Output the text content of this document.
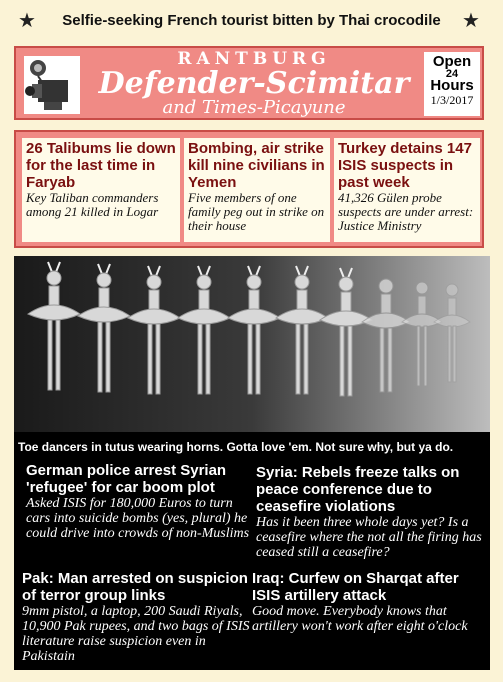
★ Selfie-seeking French tourist bitten by Thai crocodile ★
RANTBURG
Defender-Scimitar
and Times-Picayune
Open
24
Hours
1/3/2017
26 Talibums lie down for the last time in Faryab
Key Taliban commanders among 21 killed in Logar
Bombing, air strike kill nine civilians in Yemen
Five members of one family peg out in strike on their house
Turkey detains 147 ISIS suspects in past week
41,326 Gülen probe suspects are under arrest: Justice Ministry
Toe dancers in tutus wearing horns. Gotta love 'em. Not sure why, but ya do.
German police arrest Syrian 'refugee' for car boom plot
Asked ISIS for 180,000 Euros to turn cars into suicide bombs (yes, plural) he could drive into crowds of non-Muslims
Syria: Rebels freeze talks on peace conference due to ceasefire violations
Has it been three whole days yet? Is a ceasefire where the not all the firing has ceased still a ceasefire?
Pak: Man arrested on suspicion of terror group links
9mm pistol, a laptop, 200 Saudi Riyals, 10,900 Pak rupees, and two bags of ISIS literature raise suspicion even in Pakistain
Iraq: Curfew on Sharqat after ISIS artillery attack
Good move. Everybody knows that artillery won't work after eight o'clock
